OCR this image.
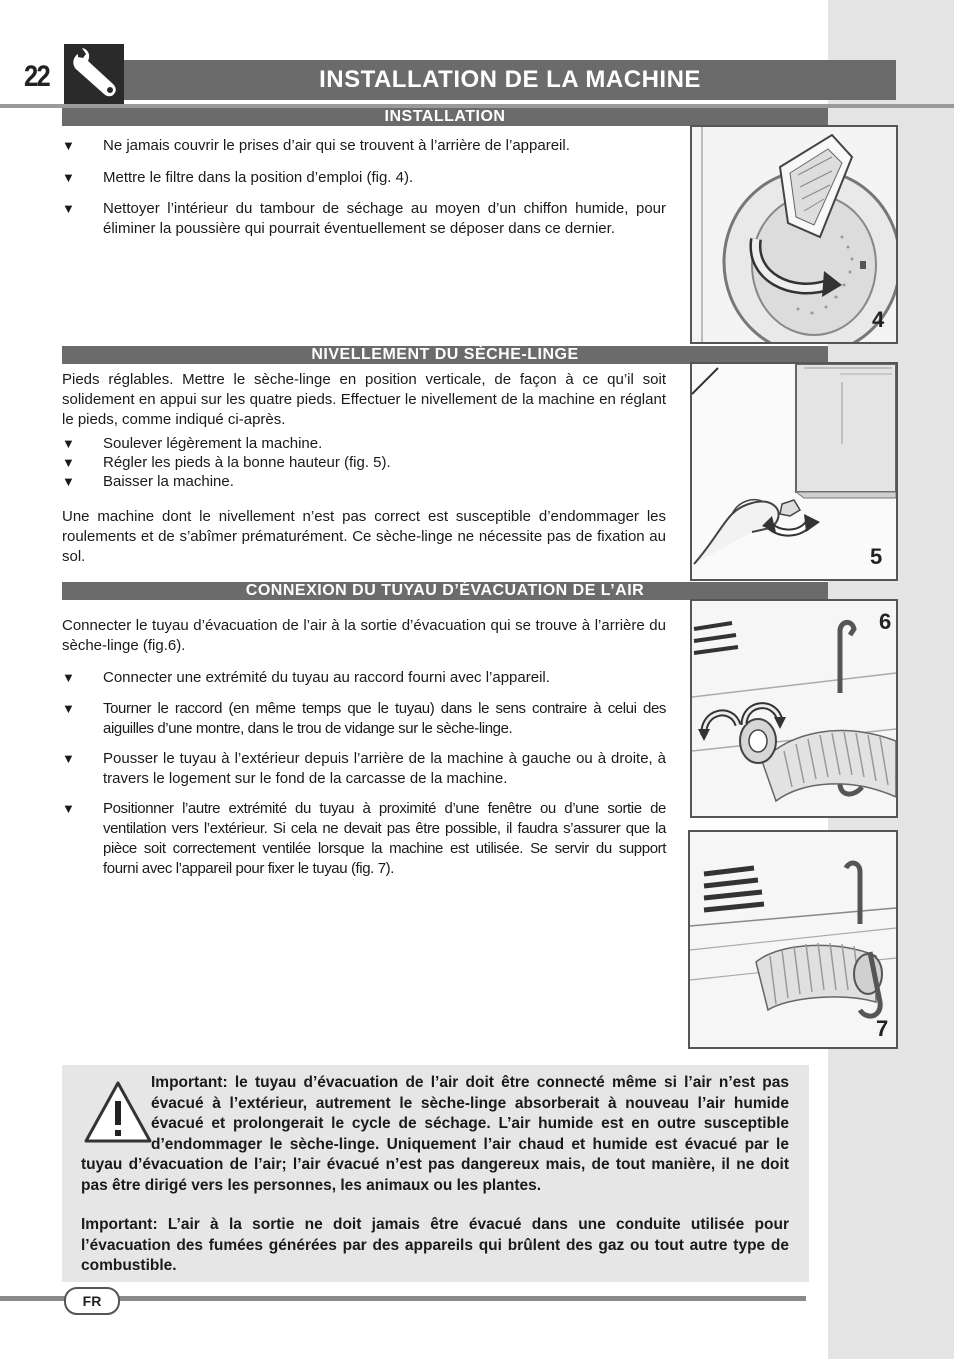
22	INSTALLATION DE LA MACHINE
INSTALLATION
▼ Ne jamais couvrir le prises d’air qui se trouvent à l’arrière de l’appareil.
▼ Mettre le filtre dans la position d’emploi (fig. 4).
▼ Nettoyer l’intérieur du tambour de séchage au moyen d’un chiffon humide, pour éliminer la poussière qui pourrait éventuellement se déposer dans ce dernier.
4
NIVELLEMENT DU SÈCHE-LINGE
Pieds réglables. Mettre le sèche-linge en position verticale, de façon à ce qu’il soit solidement en appui sur les quatre pieds. Effectuer le nivellement de la machine en réglant le pieds, comme indiqué ci-après.
▼ Soulever légèrement la machine.
▼ Régler les pieds à la bonne hauteur (fig. 5).
▼ Baisser la machine.
Une machine dont le nivellement n’est pas correct est susceptible d’endommager les roulements et de s’abîmer prématurément. Ce sèche-linge ne nécessite pas de fixation au sol.	5
CONNEXION DU TUYAU D’ÉVACUATION DE L’AIR
Connecter le tuyau d’évacuation de l’air à la sortie d’évacuation qui se trouve à l’arrière du sèche-linge (fig.6).
▼ Connecter une extrémité du tuyau au raccord fourni avec l’appareil.
▼ Tourner le raccord (en même temps que le tuyau) dans le sens contraire à celui des aiguilles d’une montre, dans le trou de vidange sur le sèche-linge.
▼ Pousser le tuyau à l’extérieur depuis l’arrière de la machine à gauche ou à droite, à travers le logement sur le fond de la carcasse de la machine.
▼ Positionner l’autre extrémité du tuyau à proximité d’une fenêtre ou d’une sortie de ventilation vers l’extérieur. Si cela ne devait pas être possible, il faudra s’assurer que la pièce soit correctement ventilée lorsque la machine est utilisée. Se servir du support fourni avec l’appareil pour fixer le tuyau (fig. 7).
6
7
Important: le tuyau d’évacuation de l’air doit être connecté même si l’air n’est pas évacué à l’extérieur, autrement le sèche-linge absorberait à nouveau l’air humide évacué et prolongerait le cycle de séchage. L’air humide est en outre susceptible d’endommager le sèche-linge. Uniquement l’air chaud et humide est évacué par le tuyau d’évacuation de l’air; l’air évacué n’est pas dangereux mais, de tout manière, il ne doit pas être dirigé vers les personnes, les animaux ou les plantes.
Important: L’air à la sortie ne doit jamais être évacué dans une conduite utilisée pour l’évacuation des fumées générées par des appareils qui brûlent des gaz ou tout autre type de combustible.
FR
